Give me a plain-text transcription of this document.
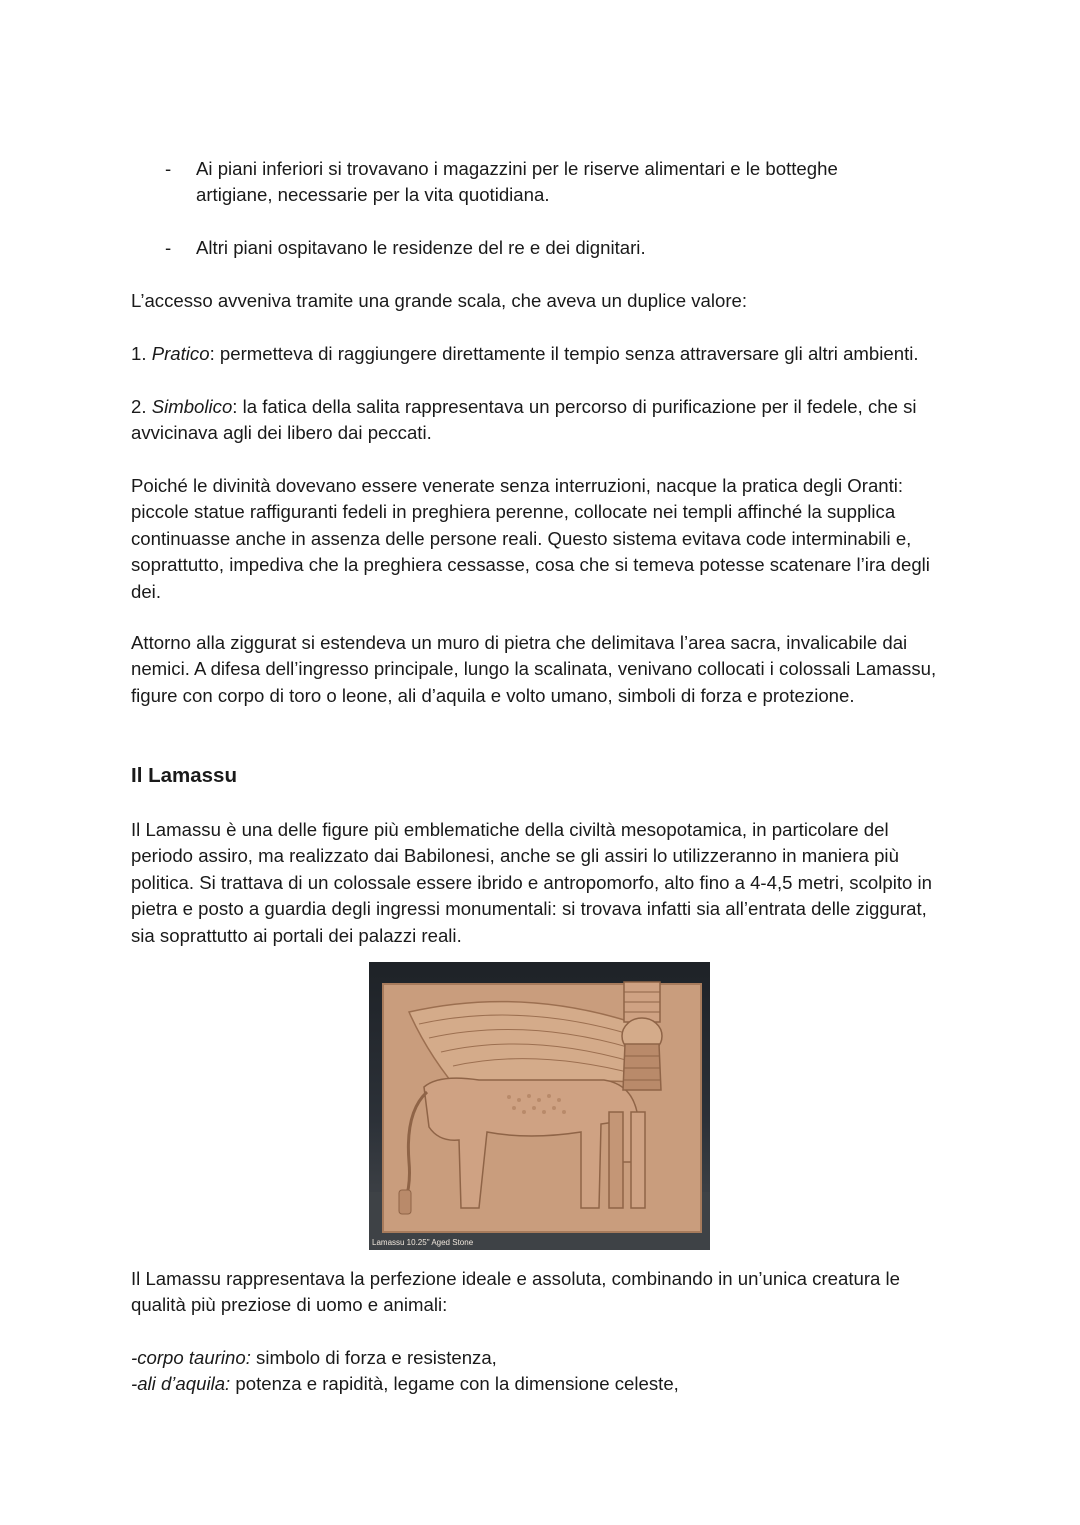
- Ai piani inferiori si trovavano i magazzini per le riserve alimentari e le botteghe artigiane, necessarie per la vita quotidiana.
- Altri piani ospitavano le residenze del re e dei dignitari.

L’accesso avveniva tramite una grande scala, che aveva un duplice valore:

1. Pratico: permetteva di raggiungere direttamente il tempio senza attraversare gli altri ambienti.

2. Simbolico: la fatica della salita rappresentava un percorso di purificazione per il fedele, che si avvicinava agli dei libero dai peccati.

Poiché le divinità dovevano essere venerate senza interruzioni, nacque la pratica degli Oranti: piccole statue raffiguranti fedeli in preghiera perenne, collocate nei templi affinché la supplica continuasse anche in assenza delle persone reali. Questo sistema evitava code interminabili e, soprattutto, impediva che la preghiera cessasse, cosa che si temeva potesse scatenare l’ira degli dei.

Attorno alla ziggurat si estendeva un muro di pietra che delimitava l’area sacra, invalicabile dai nemici. A difesa dell’ingresso principale, lungo la scalinata, venivano collocati i colossali Lamassu, figure con corpo di toro o leone, ali d’aquila e volto umano, simboli di forza e protezione.

Il Lamassu

Il Lamassu è una delle figure più emblematiche della civiltà mesopotamica, in particolare del periodo assiro, ma realizzato dai Babilonesi, anche se gli assiri lo utilizzeranno in maniera più politica. Si trattava di un colossale essere ibrido e antropomorfo, alto fino a 4-4,5 metri, scolpito in pietra e posto a guardia degli ingressi monumentali: si trovava infatti sia all’entrata delle ziggurat, sia soprattutto ai portali dei palazzi reali.

Lamassu 10.25" Aged Stone

Il Lamassu rappresentava la perfezione ideale e assoluta, combinando in un’unica creatura le qualità più preziose di uomo e animali:

-corpo taurino: simbolo di forza e resistenza,

-ali d’aquila: potenza e rapidità, legame con la dimensione celeste,
